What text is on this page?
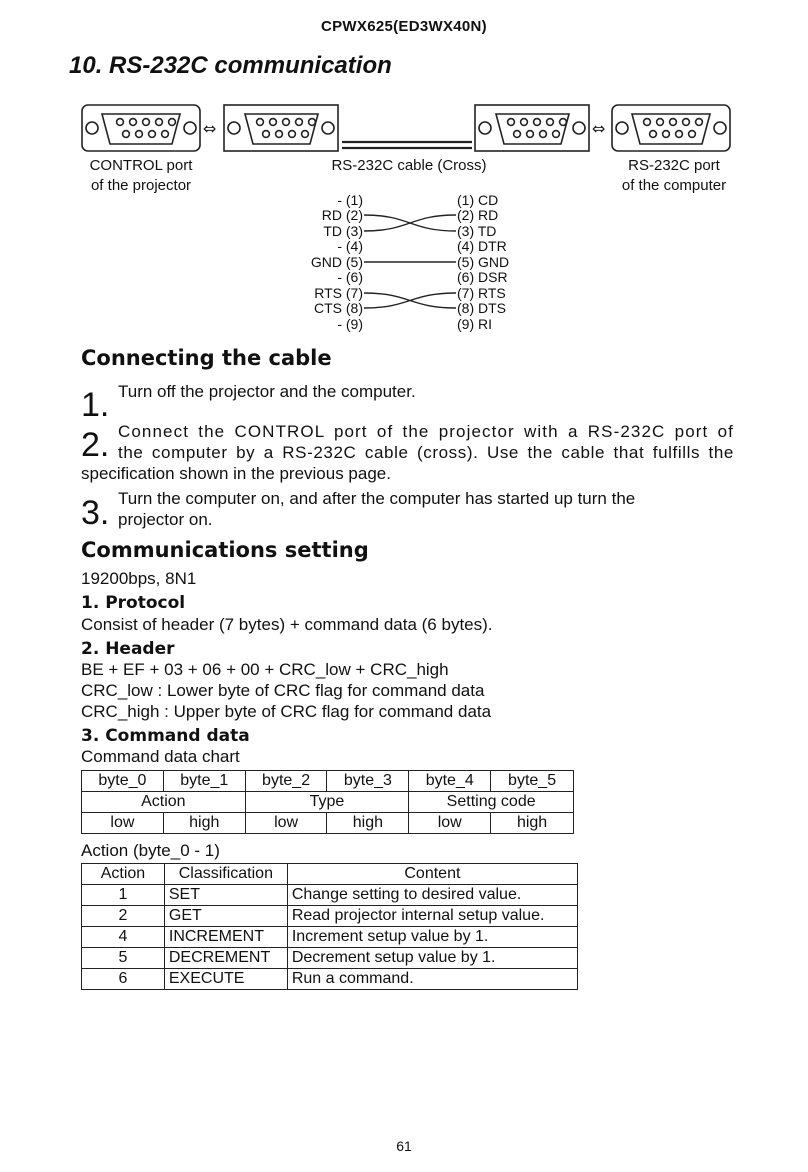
CPWX625(ED3WX40N)
10. RS-232C communication
⇔	⇔
CONTROL port
of the projector
RS-232C cable (Cross)	RS-232C port
of the computer
- (1)
RD (2)
TD (3)
- (4)
GND (5)
- (6)
RTS (7)
CTS (8)
- (9)
(1) CD
(2) RD
(3) TD
(4) DTR
(5) GND
(6) DSR
(7) RTS
(8) DTS
(9) RI
Connecting the cable
1. Turn off the projector and the computer.
2. Connect the CONTROL port of the projector with a RS-232C port of
the computer by a RS-232C cable (cross). Use the cable that fulfills the
specification shown in the previous page.
3. Turn the computer on, and after the computer has started up turn the
projector on.
Communications setting
19200bps, 8N1
1. Protocol
Consist of header (7 bytes) + command data (6 bytes).
2. Header
BE + EF + 03 + 06 + 00 + CRC_low + CRC_high
CRC_low : Lower byte of CRC flag for command data
CRC_high : Upper byte of CRC flag for command data
3. Command data
Command data chart
byte_0	byte_1	byte_2	byte_3	byte_4	byte_5
Action		Type		Setting code	
low	high	low	high	low	high
Action (byte_0 - 1)
Action	Classification	Content
1	SET	Change setting to desired value.
2	GET	Read projector internal setup value.
4	INCREMENT	Increment setup value by 1.
5	DECREMENT	Decrement setup value by 1.
6	EXECUTE	Run a command.
61
